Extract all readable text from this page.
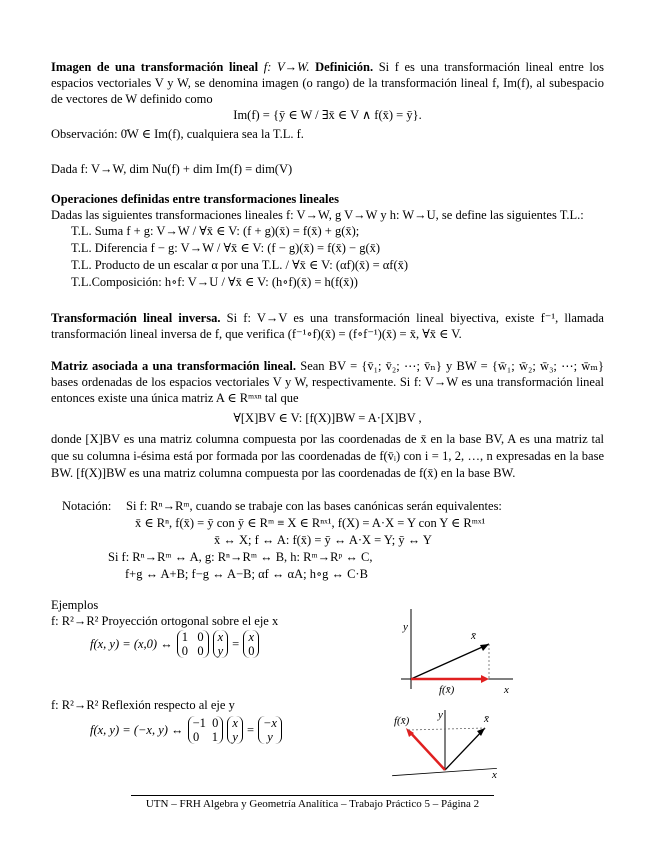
Imagen de una transformación lineal f: V→W. Definición. Si f es una transformación lineal entre los espacios vectoriales V y W, se denomina imagen (o rango) de la transformación lineal f, Im(f), al subespacio de vectores de W definido como

Im(f) = {ȳ ∈ W / ∃x̄ ∈ V ∧ f(x̄) = ȳ}.

Observación: 0̄W ∈ Im(f), cualquiera sea la T.L. f.

Dada f: V→W, dim Nu(f) + dim Im(f) = dim(V)

Operaciones definidas entre transformaciones lineales

Dadas las siguientes transformaciones lineales f: V→W, g V→W y h: W→U, se define las siguientes T.L.:

T.L. Suma f + g: V→W / ∀x̄ ∈ V: (f + g)(x̄) = f(x̄) + g(x̄);

T.L. Diferencia f − g: V→W / ∀x̄ ∈ V: (f − g)(x̄) = f(x̄) − g(x̄)

T.L. Producto de un escalar α por una T.L. / ∀x̄ ∈ V: (αf)(x̄) = αf(x̄)

T.L.Composición: h∘f: V→U / ∀x̄ ∈ V: (h∘f)(x̄) = h(f(x̄))

Transformación lineal inversa. Si f: V→V es una transformación lineal biyectiva, existe f⁻¹, llamada transformación lineal inversa de f, que verifica (f⁻¹∘f)(x̄) = (f∘f⁻¹)(x̄) = x̄, ∀x̄ ∈ V.

Matriz asociada a una transformación lineal. Sean BV = {v̄₁; v̄₂; ⋯; v̄ₙ} y BW = {w̄₁; w̄₂; w̄₃; ⋯; w̄ₘ} bases ordenadas de los espacios vectoriales V y W, respectivamente. Si f: V→W es una transformación lineal entonces existe una única matriz A ∈ Rᵐˣⁿ tal que

∀[X]BV ∈ V: [f(X)]BW = A·[X]BV ,

donde [X]BV es una matriz columna compuesta por las coordenadas de x̄ en la base BV, A es una matriz tal que su columna i-ésima está por formada por las coordenadas de f(v̄ᵢ) con i = 1, 2, …, n expresadas en la base BW. [f(X)]BW es una matriz columna compuesta por las coordenadas de f(x̄) en la base BW.

Notación: Si f: Rⁿ→Rᵐ, cuando se trabaje con las bases canónicas serán equivalentes:

x̄ ∈ Rⁿ, f(x̄) = ȳ con ȳ ∈ Rᵐ ≡ X ∈ Rⁿˣ¹, f(X) = A·X = Y con Y ∈ Rᵐˣ¹

x̄ ↔ X; f ↔ A: f(x̄) = ȳ ↔ A·X = Y; ȳ ↔ Y

Si f: Rⁿ→Rᵐ ↔ A, g: Rⁿ→Rᵐ ↔ B, h: Rᵐ→Rᵖ ↔ C,

f+g ↔ A+B; f−g ↔ A−B; αf ↔ αA; h∘g ↔ C·B

Ejemplos

f: R²→R² Proyección ortogonal sobre el eje x

f(x, y) = (x,0) ↔ 1 0
0 0
x
y = x
0
y
x
x̄
f(x̄)

f: R²→R² Reflexión respecto al eje y

f(x, y) = (−x, y) ↔ −1 0
0 1
x
y = −x
y
y
x
x̄
f(x̄)
UTN – FRH Algebra y Geometría Analítica – Trabajo Práctico 5 – Página 2
